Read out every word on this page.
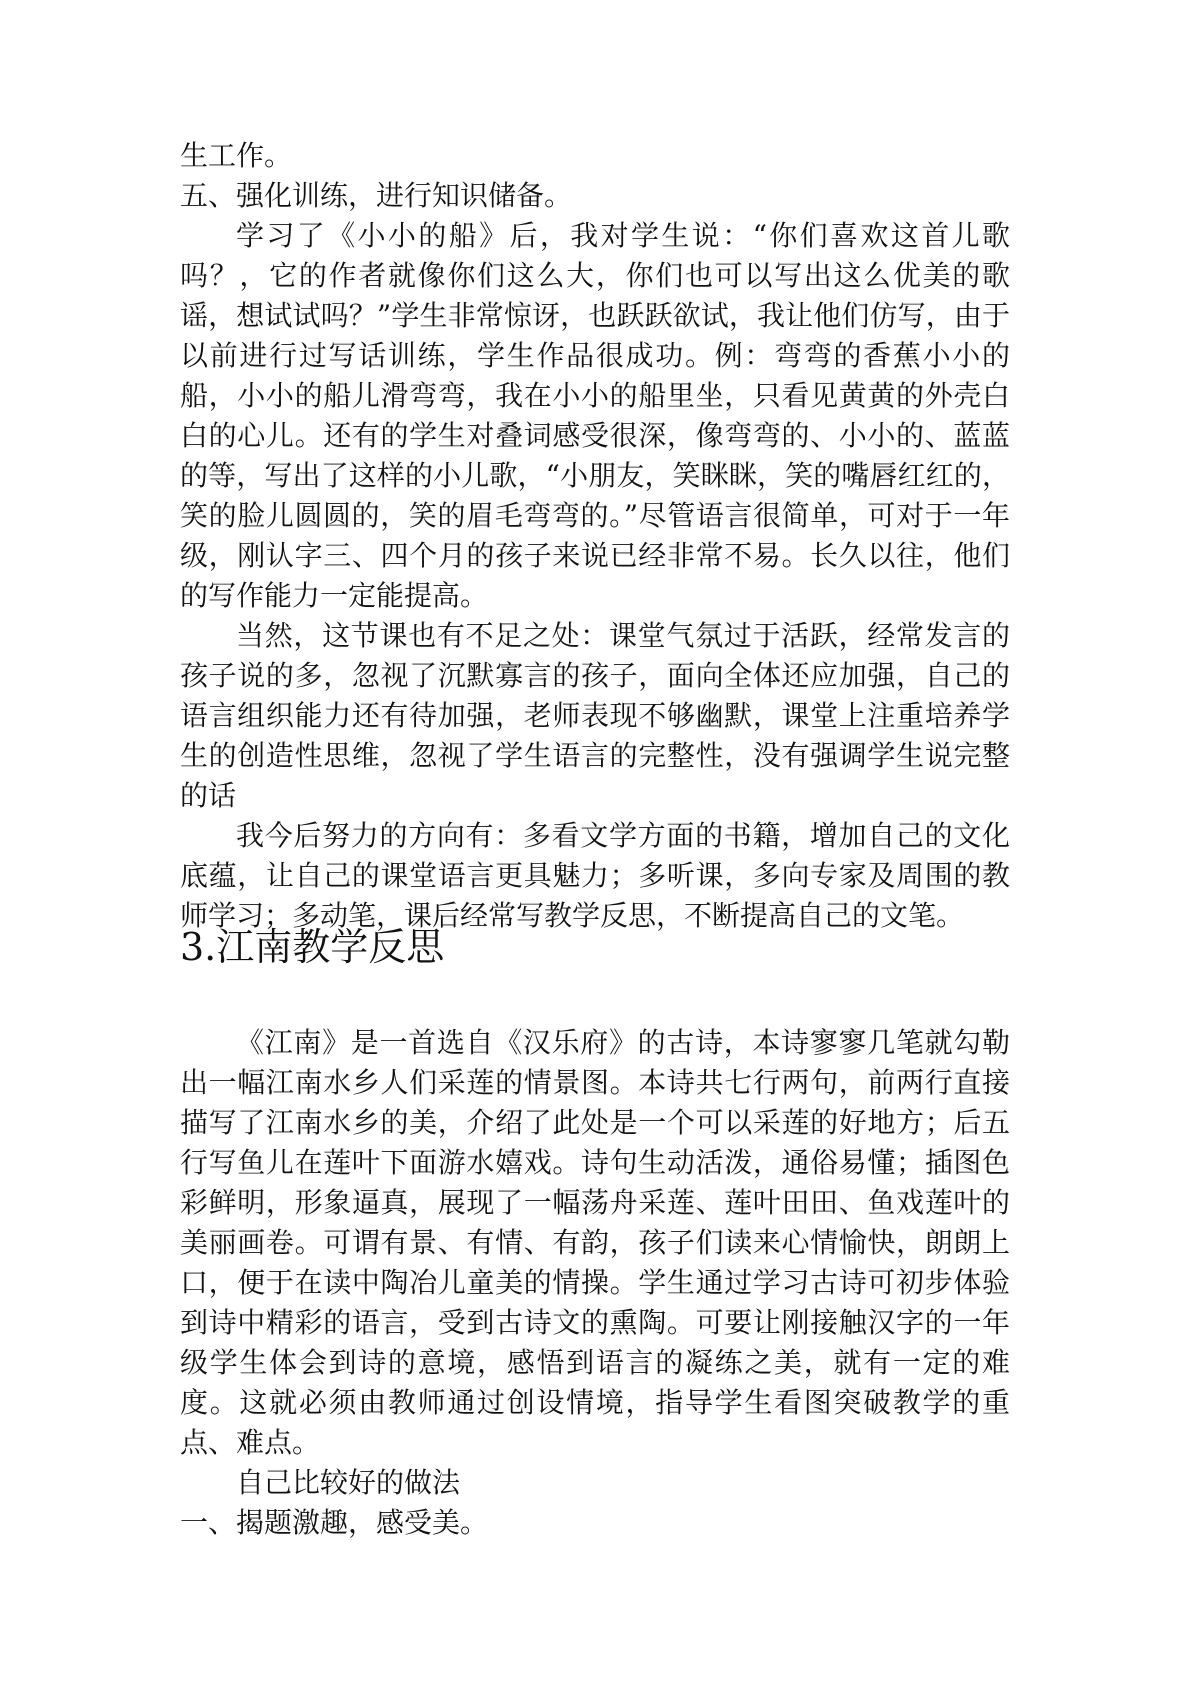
生工作。

五、强化训练，进行知识储备。

学习了《小小的船》后，我对学生说：“你们喜欢这首儿歌吗？，它的作者就像你们这么大，你们也可以写出这么优美的歌谣，想试试吗？”学生非常惊讶，也跃跃欲试，我让他们仿写，由于以前进行过写话训练，学生作品很成功。例：弯弯的香蕉小小的船，小小的船儿滑弯弯，我在小小的船里坐，只看见黄黄的外壳白白的心儿。还有的学生对叠词感受很深，像弯弯的、小小的、蓝蓝的等，写出了这样的小儿歌，“小朋友，笑眯眯，笑的嘴唇红红的，笑的脸儿圆圆的，笑的眉毛弯弯的。”尽管语言很简单，可对于一年级，刚认字三、四个月的孩子来说已经非常不易。长久以往，他们的写作能力一定能提高。

当然，这节课也有不足之处：课堂气氛过于活跃，经常发言的孩子说的多，忽视了沉默寡言的孩子，面向全体还应加强，自己的语言组织能力还有待加强，老师表现不够幽默，课堂上注重培养学生的创造性思维，忽视了学生语言的完整性，没有强调学生说完整的话

我今后努力的方向有：多看文学方面的书籍，增加自己的文化底蕴，让自己的课堂语言更具魅力；多听课，多向专家及周围的教师学习；多动笔，课后经常写教学反思，不断提高自己的文笔。

3.江南教学反思

《江南》是一首选自《汉乐府》的古诗，本诗寥寥几笔就勾勒出一幅江南水乡人们采莲的情景图。本诗共七行两句，前两行直接描写了江南水乡的美，介绍了此处是一个可以采莲的好地方；后五行写鱼儿在莲叶下面游水嬉戏。诗句生动活泼，通俗易懂；插图色彩鲜明，形象逼真，展现了一幅荡舟采莲、莲叶田田、鱼戏莲叶的美丽画卷。可谓有景、有情、有韵，孩子们读来心情愉快，朗朗上口，便于在读中陶冶儿童美的情操。学生通过学习古诗可初步体验到诗中精彩的语言，受到古诗文的熏陶。可要让刚接触汉字的一年级学生体会到诗的意境，感悟到语言的凝练之美，就有一定的难度。这就必须由教师通过创设情境，指导学生看图突破教学的重点、难点。

自己比较好的做法

一、揭题激趣，感受美。
